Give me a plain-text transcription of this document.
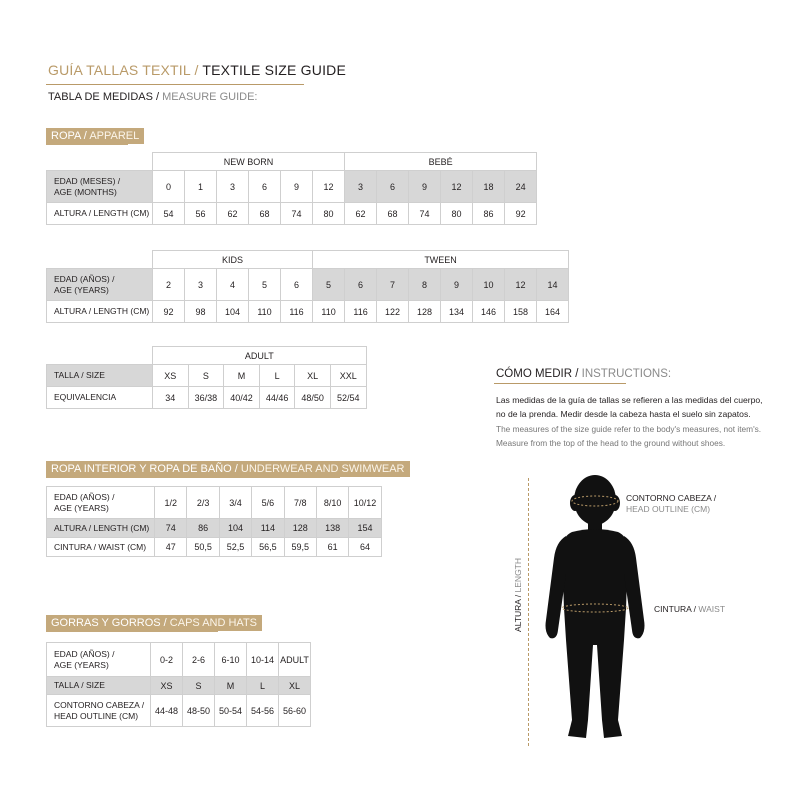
GUÍA TALLAS TEXTIL / TEXTILE SIZE GUIDE
TABLA DE MEDIDAS / MEASURE GUIDE:
ROPA / APPAREL
	NEW BORN						BEBÉ					
EDAD (MESES) /
AGE (MONTHS)	0	1	3	6	9	12	3	6	9	12	18	24
ALTURA / LENGTH (CM)	54	56	62	68	74	80	62	68	74	80	86	92
	KIDS					TWEEN							
EDAD (AÑOS) /
AGE (YEARS)	2	3	4	5	6	5	6	7	8	9	10	12	14
ALTURA / LENGTH (CM)	92	98	104	110	116	110	116	122	128	134	146	158	164
	ADULT					
TALLA / SIZE	XS	S	M	L	XL	XXL
EQUIVALENCIA	34	36/38	40/42	44/46	48/50	52/54
ROPA INTERIOR Y ROPA DE BAÑO / UNDERWEAR AND SWIMWEAR
EDAD (AÑOS) /
AGE (YEARS)	1/2	2/3	3/4	5/6	7/8	8/10	10/12
ALTURA / LENGTH (CM)	74	86	104	114	128	138	154
CINTURA / WAIST (CM)	47	50,5	52,5	56,5	59,5	61	64
GORRAS Y GORROS / CAPS AND HATS
EDAD (AÑOS) /
AGE (YEARS)	0-2	2-6	6-10	10-14	ADULT
TALLA / SIZE	XS	S	M	L	XL
CONTORNO CABEZA /
HEAD OUTLINE (CM)	44-48	48-50	50-54	54-56	56-60
CÓMO MEDIR / INSTRUCTIONS:
Las medidas de la guía de tallas se refieren a las medidas del cuerpo, no de la prenda. Medir desde la cabeza hasta el suelo sin zapatos.
The measures of the size guide refer to the body's measures, not item's. Measure from the top of the head to the ground without shoes.
ALTURA / LENGTH
CONTORNO CABEZA /
HEAD OUTLINE (CM)
CINTURA / WAIST
